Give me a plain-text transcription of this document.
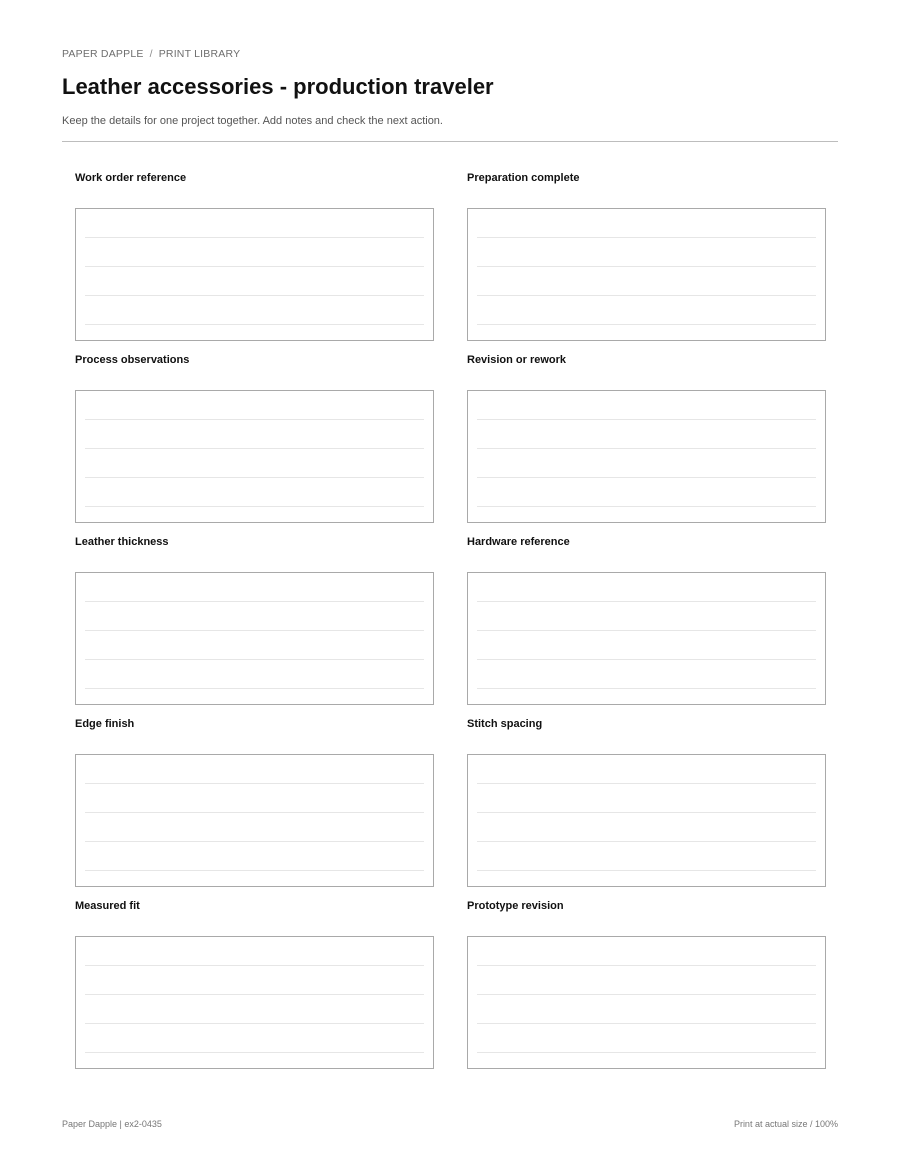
PAPER DAPPLE / PRINT LIBRARY
Leather accessories - production traveler
Keep the details for one project together. Add notes and check the next action.
Work order reference	Preparation complete
Process observations	Revision or rework
Leather thickness	Hardware reference
Edge finish	Stitch spacing
Measured fit	Prototype revision
Paper Dapple | ex2-0435	Print at actual size / 100%
